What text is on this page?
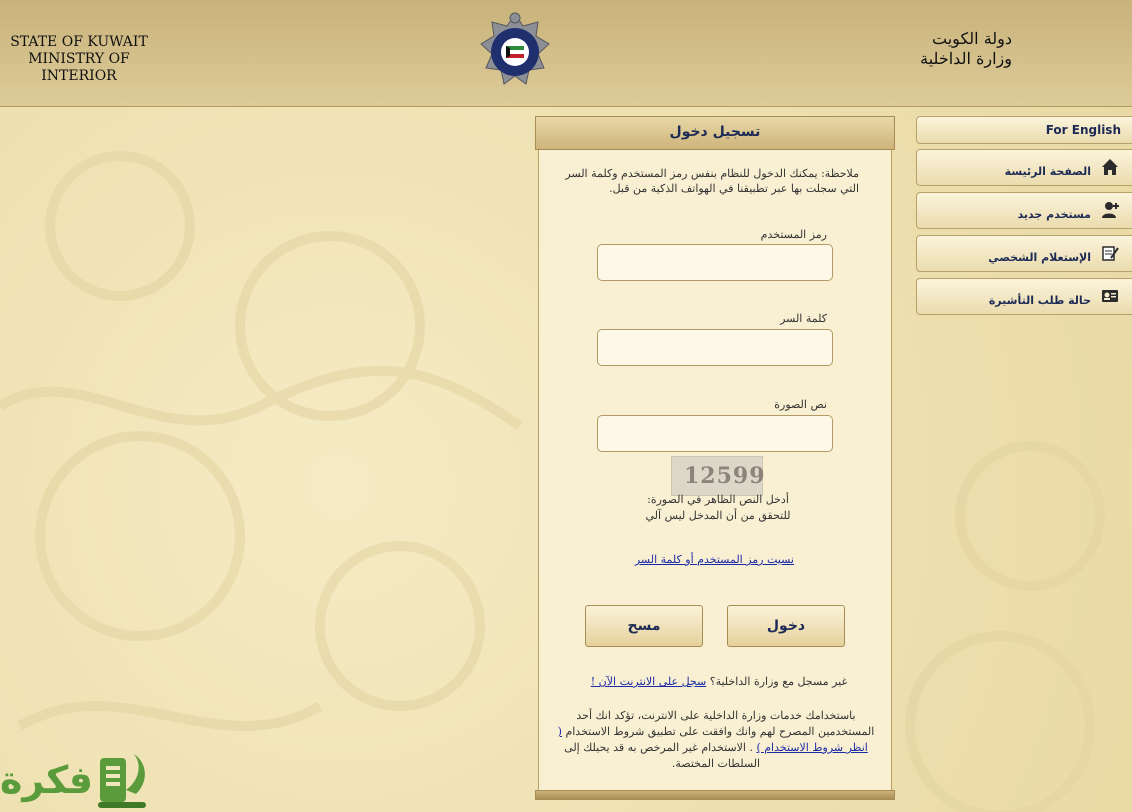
STATE OF KUWAIT
MINISTRY OF INTERIOR
دولة الكويت
وزارة الداخلية
تسجيل دخول
ملاحظة: يمكنك الدخول للنظام بنفس رمز المستخدم وكلمة السر التي سجلت بها عبر تطبيقنا في الهواتف الذكية من قبل.
رمز المستخدم
كلمة السر
نص الصورة
12599
أدخل النص الظاهر في الصورة:
للتحقق من أن المدخل ليس آلي
نسيت رمز المستخدم أو كلمة السر
دخول
مسح
غير مسجل مع وزارة الداخلية؟ سجل على الانترنت الآن !
باستخدامك خدمات وزارة الداخلية على الانترنت، تؤكد انك أحد المستخدمين المصرح لهم وانك وافقت على تطبيق شروط الاستخدام ( انظر شروط الاستخدام ) . الاستخدام غير المرخص به قد يحيلك إلى السلطات المختصة.
For English
الصفحة الرئيسة
مستخدم جديد
الإستعلام الشخصي
حالة طلب التأشيرة
فكرة
